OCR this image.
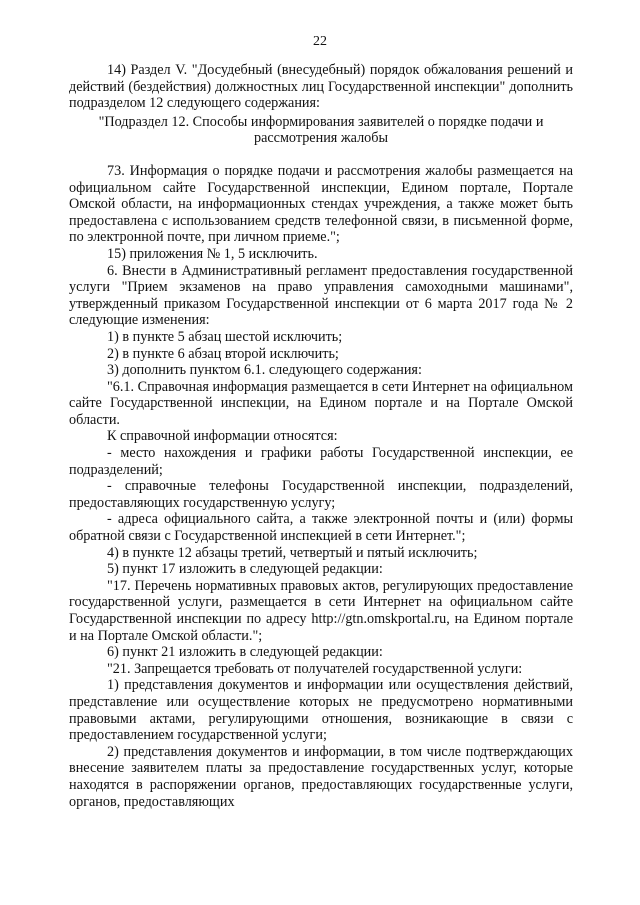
22

14) Раздел V. "Досудебный (внесудебный) порядок обжалования решений и действий (бездействия) должностных лиц Государственной инспекции" дополнить подразделом 12 следующего содержания:

"Подраздел 12. Способы информирования заявителей о порядке подачи и рассмотрения жалобы

73. Информация о порядке подачи и рассмотрения жалобы размещается на официальном сайте Государственной инспекции, Едином портале, Портале Омской области, на информационных стендах учреждения, а также может быть предоставлена с использованием средств телефонной связи, в письменной форме, по электронной почте, при личном приеме.";

15) приложения № 1, 5 исключить.

6. Внести в Административный регламент предоставления государственной услуги "Прием экзаменов на право управления самоходными машинами", утвержденный приказом Государственной инспекции от 6 марта 2017 года № 2 следующие изменения:

1) в пункте 5 абзац шестой исключить;

2) в пункте 6 абзац второй исключить;

3) дополнить пунктом 6.1. следующего содержания:

"6.1. Справочная информация размещается в сети Интернет на официальном сайте Государственной инспекции, на Едином портале и на Портале Омской области.

К справочной информации относятся:

- место нахождения и графики работы Государственной инспекции, ее подразделений;

- справочные телефоны Государственной инспекции, подразделений, предоставляющих государственную услугу;

- адреса официального сайта, а также электронной почты и (или) формы обратной связи с Государственной инспекцией в сети Интернет.";

4) в пункте 12 абзацы третий, четвертый и пятый исключить;

5) пункт 17 изложить в следующей редакции:

"17. Перечень нормативных правовых актов, регулирующих предоставление государственной услуги, размещается в сети Интернет на официальном сайте Государственной инспекции по адресу http://gtn.omskportal.ru, на Едином портале и на Портале Омской области.";

6) пункт 21 изложить в следующей редакции:

"21. Запрещается требовать от получателей государственной услуги:

1) представления документов и информации или осуществления действий, представление или осуществление которых не предусмотрено нормативными правовыми актами, регулирующими отношения, возникающие в связи с предоставлением государственной услуги;

2) представления документов и информации, в том числе подтверждающих внесение заявителем платы за предоставление государственных услуг, которые находятся в распоряжении органов, предоставляющих государственные услуги, органов, предоставляющих
